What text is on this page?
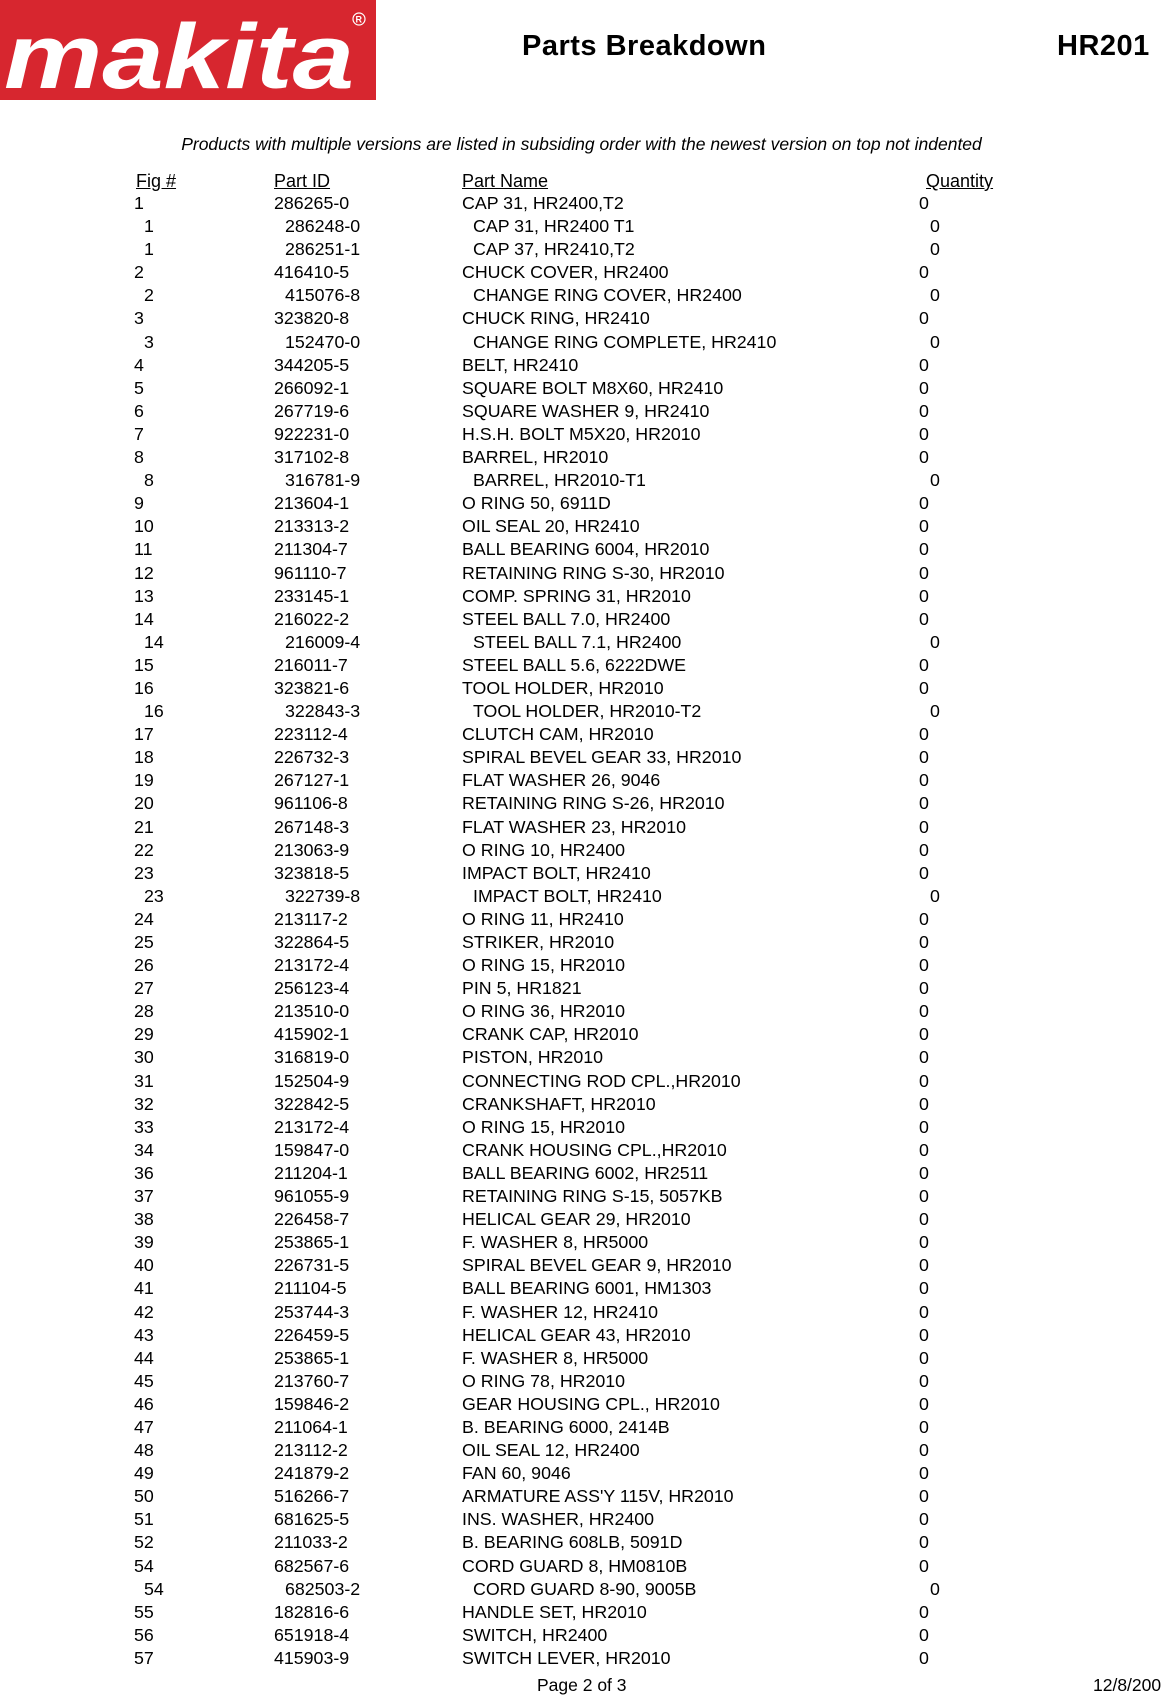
makita R
Parts Breakdown	HR201
Products with multiple versions are listed in subsiding order with the newest version on top not indented
Fig #	Part ID	Part Name	Quantity
1	286265-0	CAP 31, HR2400,T2	0
1	286248-0	CAP 31, HR2400 T1	0
1	286251-1	CAP 37, HR2410,T2	0
2	416410-5	CHUCK COVER, HR2400	0
2	415076-8	CHANGE RING COVER, HR2400	0
3	323820-8	CHUCK RING, HR2410	0
3	152470-0	CHANGE RING COMPLETE, HR2410	0
4	344205-5	BELT, HR2410	0
5	266092-1	SQUARE BOLT M8X60, HR2410	0
6	267719-6	SQUARE WASHER 9, HR2410	0
7	922231-0	H.S.H. BOLT M5X20, HR2010	0
8	317102-8	BARREL, HR2010	0
8	316781-9	BARREL, HR2010-T1	0
9	213604-1	O RING 50, 6911D	0
10	213313-2	OIL SEAL 20, HR2410	0
11	211304-7	BALL BEARING 6004, HR2010	0
12	961110-7	RETAINING RING S-30, HR2010	0
13	233145-1	COMP. SPRING 31, HR2010	0
14	216022-2	STEEL BALL 7.0, HR2400	0
14	216009-4	STEEL BALL 7.1, HR2400	0
15	216011-7	STEEL BALL 5.6, 6222DWE	0
16	323821-6	TOOL HOLDER, HR2010	0
16	322843-3	TOOL HOLDER, HR2010-T2	0
17	223112-4	CLUTCH CAM, HR2010	0
18	226732-3	SPIRAL BEVEL GEAR 33, HR2010	0
19	267127-1	FLAT WASHER 26, 9046	0
20	961106-8	RETAINING RING S-26, HR2010	0
21	267148-3	FLAT WASHER 23, HR2010	0
22	213063-9	O RING 10, HR2400	0
23	323818-5	IMPACT BOLT, HR2410	0
23	322739-8	IMPACT BOLT, HR2410	0
24	213117-2	O RING 11, HR2410	0
25	322864-5	STRIKER, HR2010	0
26	213172-4	O RING 15, HR2010	0
27	256123-4	PIN 5, HR1821	0
28	213510-0	O RING 36, HR2010	0
29	415902-1	CRANK CAP, HR2010	0
30	316819-0	PISTON, HR2010	0
31	152504-9	CONNECTING ROD CPL.,HR2010	0
32	322842-5	CRANKSHAFT, HR2010	0
33	213172-4	O RING 15, HR2010	0
34	159847-0	CRANK HOUSING CPL.,HR2010	0
36	211204-1	BALL BEARING 6002, HR2511	0
37	961055-9	RETAINING RING S-15, 5057KB	0
38	226458-7	HELICAL GEAR 29, HR2010	0
39	253865-1	F. WASHER 8, HR5000	0
40	226731-5	SPIRAL BEVEL GEAR 9, HR2010	0
41	211104-5	BALL BEARING 6001, HM1303	0
42	253744-3	F. WASHER 12, HR2410	0
43	226459-5	HELICAL GEAR 43, HR2010	0
44	253865-1	F. WASHER 8, HR5000	0
45	213760-7	O RING 78, HR2010	0
46	159846-2	GEAR HOUSING CPL., HR2010	0
47	211064-1	B. BEARING 6000, 2414B	0
48	213112-2	OIL SEAL 12, HR2400	0
49	241879-2	FAN 60, 9046	0
50	516266-7	ARMATURE ASS'Y 115V, HR2010	0
51	681625-5	INS. WASHER, HR2400	0
52	211033-2	B. BEARING 608LB, 5091D	0
54	682567-6	CORD GUARD 8, HM0810B	0
54	682503-2	CORD GUARD 8-90, 9005B	0
55	182816-6	HANDLE SET, HR2010	0
56	651918-4	SWITCH, HR2400	0
57	415903-9	SWITCH LEVER, HR2010	0
Page 2 of 3	12/8/200
